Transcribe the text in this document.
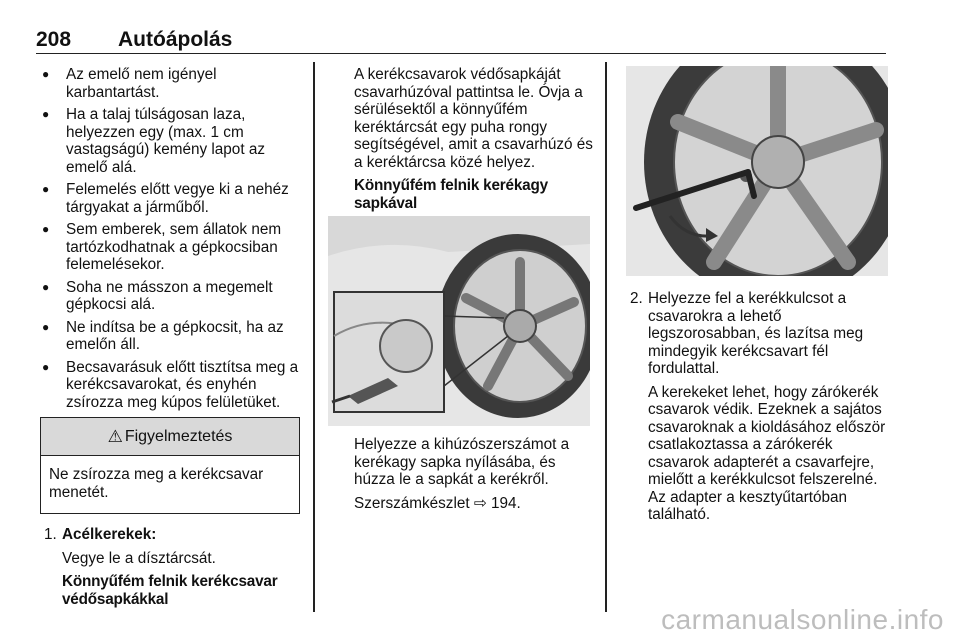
208 Autóápolás
● Az emelő nem igényel karbantartást.
● Ha a talaj túlságosan laza, helyezzen egy (max. 1 cm vastagságú) kemény lapot az emelő alá.
● Felemelés előtt vegye ki a nehéz tárgyakat a járműből.
● Sem emberek, sem állatok nem tartózkodhatnak a gépkocsiban felemelésekor.
● Soha ne másszon a megemelt gépkocsi alá.
● Ne indítsa be a gépkocsit, ha az emelőn áll.
● Becsavarásuk előtt tisztítsa meg a kerékcsavarokat, és enyhén zsírozza meg kúpos felületüket.
⚠ Figyelmeztetés
Ne zsírozza meg a kerékcsavar menetét.
1. Acélkerekek:
Vegye le a dísztárcsát.
Könnyűfém felnik kerékcsavar védősapkákkal
A kerékcsavarok védősapkáját csavarhúzóval pattintsa le. Óvja a sérülésektől a könnyűfém keréktárcsát egy puha rongy segítségével, amit a csavarhúzó és a keréktárcsa közé helyez.
Könnyűfém felnik kerékagy sapkával
Helyezze a kihúzószerszámot a kerékagy sapka nyílásába, és húzza le a sapkát a kerékről.
Szerszámkészlet ⇨ 194.
2. Helyezze fel a kerékkulcsot a csavarokra a lehető legszorosabban, és lazítsa meg mindegyik kerékcsavart fél fordulattal.
A kerekeket lehet, hogy zárókerék csavarok védik. Ezeknek a sajátos csavaroknak a kioldásához először csatlakoztassa a zárókerék csavarok adapterét a csavarfejre, mielőtt a kerékkulcsot felszerelné. Az adapter a kesztyűtartóban található.
carmanualsonline.info
